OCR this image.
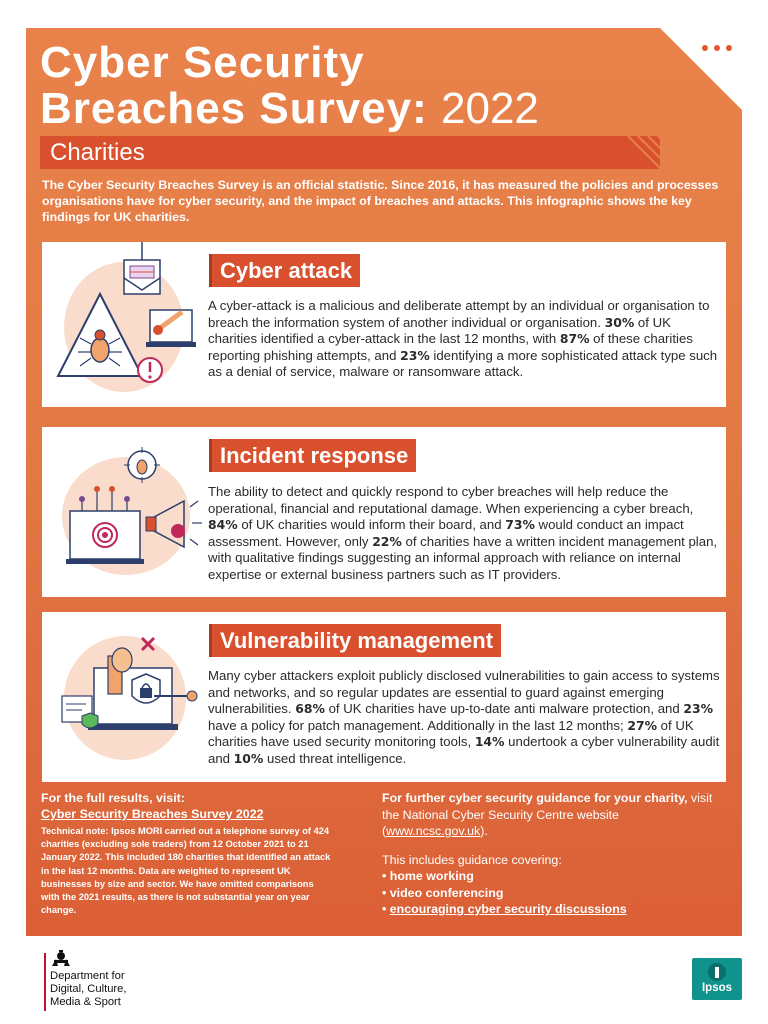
Cyber Security
Breaches Survey: 2022
Charities

The Cyber Security Breaches Survey is an official statistic. Since 2016, it has measured the policies and processes organisations have for cyber security, and the impact of breaches and attacks. This infographic shows the key findings for UK charities.

Cyber attack

A cyber-attack is a malicious and deliberate attempt by an individual or organisation to breach the information system of another individual or organisation. 30% of UK charities identified a cyber-attack in the last 12 months, with 87% of these charities reporting phishing attempts, and 23% identifying a more sophisticated attack type such as a denial of service, malware or ransomware attack.

Incident response

The ability to detect and quickly respond to cyber breaches will help reduce the operational, financial and reputational damage. When experiencing a cyber breach, 84% of UK charities would inform their board, and 73% would conduct an impact assessment. However, only 22% of charities have a written incident management plan, with qualitative findings suggesting an informal approach with reliance on internal expertise or external business partners such as IT providers.

Vulnerability management

Many cyber attackers exploit publicly disclosed vulnerabilities to gain access to systems and networks, and so regular updates are essential to guard against emerging vulnerabilities. 68% of UK charities have up-to-date anti malware protection, and 23% have a policy for patch management. Additionally in the last 12 months; 27% of UK charities have used security monitoring tools, 14% undertook a cyber vulnerability audit and 10% used threat intelligence.

For the full results, visit:

Cyber Security Breaches Survey 2022

Technical note: Ipsos MORI carried out a telephone survey of 424 charities (excluding sole traders) from 12 October 2021 to 21 January 2022. This included 180 charities that identified an attack in the last 12 months. Data are weighted to represent UK businesses by size and sector. We have omitted comparisons with the 2021 results, as there is not substantial year on year change.

For further cyber security guidance for your charity, visit the National Cyber Security Centre website (www.ncsc.gov.uk).

This includes guidance covering:

• home working
• video conferencing
• encouraging cyber security discussions
Department for
Digital, Culture,
Media & Sport
Ipsos
